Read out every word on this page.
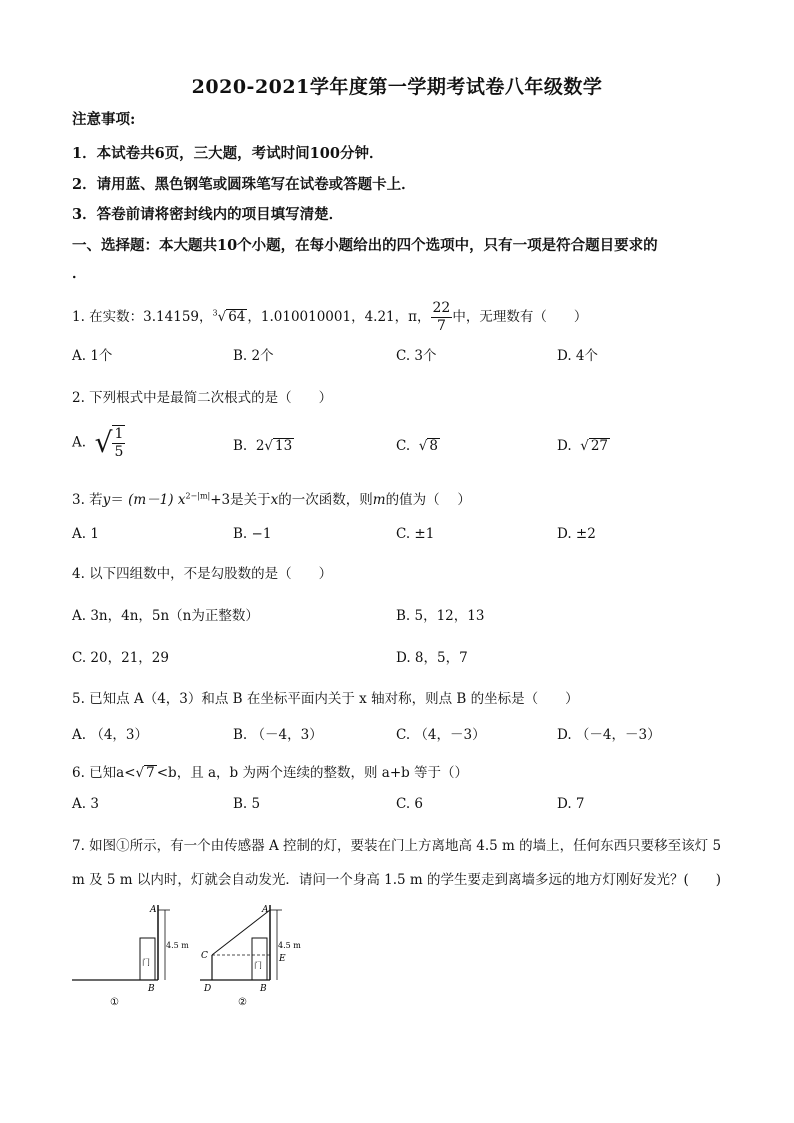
2020-2021学年度第一学期考试卷八年级数学
注意事项:
1．本试卷共6页，三大题，考试时间100分钟．
2．请用蓝、黑色钢笔或圆珠笔写在试卷或答题卡上．
3．答卷前请将密封线内的项目填写清楚．
一、选择题：本大题共10个小题，在每小题给出的四个选项中，只有一项是符合题目要求的
．
1. 在实数：3.14159，$^3$√ 64 ，1.010010001，4.21，π， $\frac{22}{7}$ 中，无理数有（　　）
A. 1个	B. 2个	C. 3个	D. 4个
2. 下列根式中是最简二次根式的是（　　）
A. √ $\frac{1}{5}$	B. 2√ 13	C. √ 8	D. √ 27
3. 若y＝ (m－1) $x^{2-|m|}+3$是关于x的一次函数，则m的值为（　 ）
A. 1	B. −1	C. ±1	D. ±2
4. 以下四组数中，不是勾股数的是（　　）
A. 3n，4n，5n（n为正整数）	B. 5，12，13
C. 20，21，29	D. 8，5，7
5. 已知点 A（4，3）和点 B 在坐标平面内关于 x 轴对称，则点 B 的坐标是（　　）
A. （4，3）	B. （－4，3）	C. （4，－3）	D. （－4，－3）
6. 已知a<√ 7 <b，且 a，b 为两个连续的整数，则 a+b 等于（）
A. 3	B. 5	C. 6	D. 7
7. 如图①所示，有一个由传感器 A 控制的灯，要装在门上方离地高 4.5 m 的墙上，任何东西只要移至该灯 5
m 及 5 m 以内时，灯就会自动发光．请问一个身高 1.5 m 的学生要走到离墙多远的地方灯刚好发光？(　　)
A
B
门
4.5 m
①
A
B
C
D
E
门
4.5 m
②
